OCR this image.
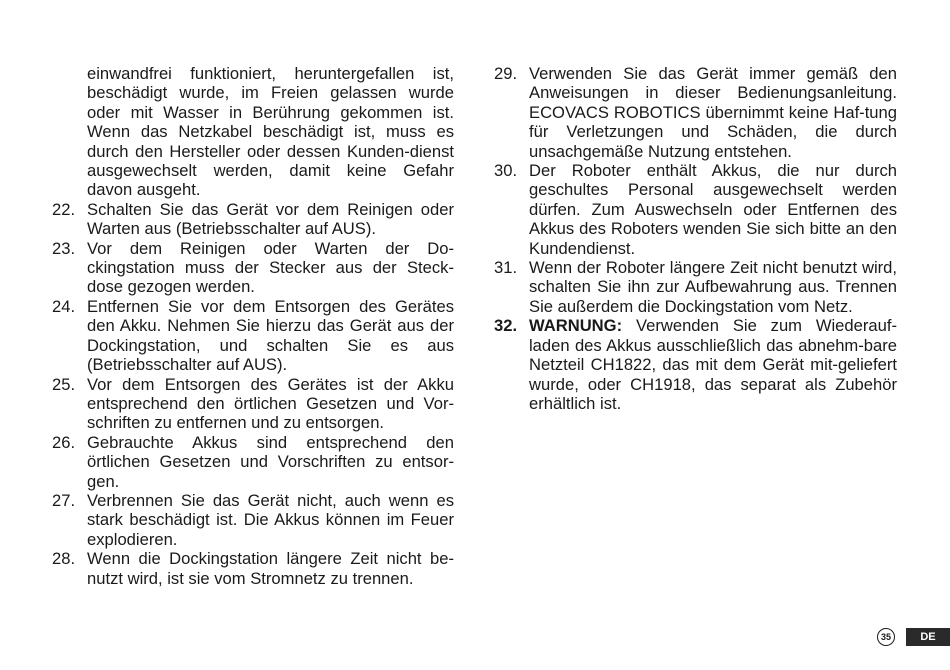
einwandfrei funktioniert, heruntergefallen ist, beschädigt wurde, im Freien gelassen wurde oder mit Wasser in Berührung gekommen ist. Wenn das Netzkabel beschädigt ist, muss es durch den Hersteller oder dessen Kunden-dienst ausgewechselt werden, damit keine Gefahr davon ausgeht.
22. Schalten Sie das Gerät vor dem Reinigen oder Warten aus (Betriebsschalter auf AUS).
23. Vor dem Reinigen oder Warten der Do-ckingstation muss der Stecker aus der Steck-dose gezogen werden.
24. Entfernen Sie vor dem Entsorgen des Gerätes den Akku. Nehmen Sie hierzu das Gerät aus der Dockingstation, und schalten Sie es aus (Betriebsschalter auf AUS).
25. Vor dem Entsorgen des Gerätes ist der Akku entsprechend den örtlichen Gesetzen und Vor-schriften zu entfernen und zu entsorgen.
26. Gebrauchte Akkus sind entsprechend den örtlichen Gesetzen und Vorschriften zu entsor-gen.
27. Verbrennen Sie das Gerät nicht, auch wenn es stark beschädigt ist. Die Akkus können im Feuer explodieren.
28. Wenn die Dockingstation längere Zeit nicht be-nutzt wird, ist sie vom Stromnetz zu trennen.
29. Verwenden Sie das Gerät immer gemäß den Anweisungen in dieser Bedienungsanleitung. ECOVACS ROBOTICS übernimmt keine Haf-tung für Verletzungen und Schäden, die durch unsachgemäße Nutzung entstehen.
30. Der Roboter enthält Akkus, die nur durch geschultes Personal ausgewechselt werden dürfen. Zum Auswechseln oder Entfernen des Akkus des Roboters wenden Sie sich bitte an den Kundendienst.
31. Wenn der Roboter längere Zeit nicht benutzt wird, schalten Sie ihn zur Aufbewahrung aus. Trennen Sie außerdem die Dockingstation vom Netz.
32. WARNUNG: Verwenden Sie zum Wiederauf-laden des Akkus ausschließlich das abnehm-bare Netzteil CH1822, das mit dem Gerät mit-geliefert wurde, oder CH1918, das separat als Zubehör erhältlich ist.
35	DE
